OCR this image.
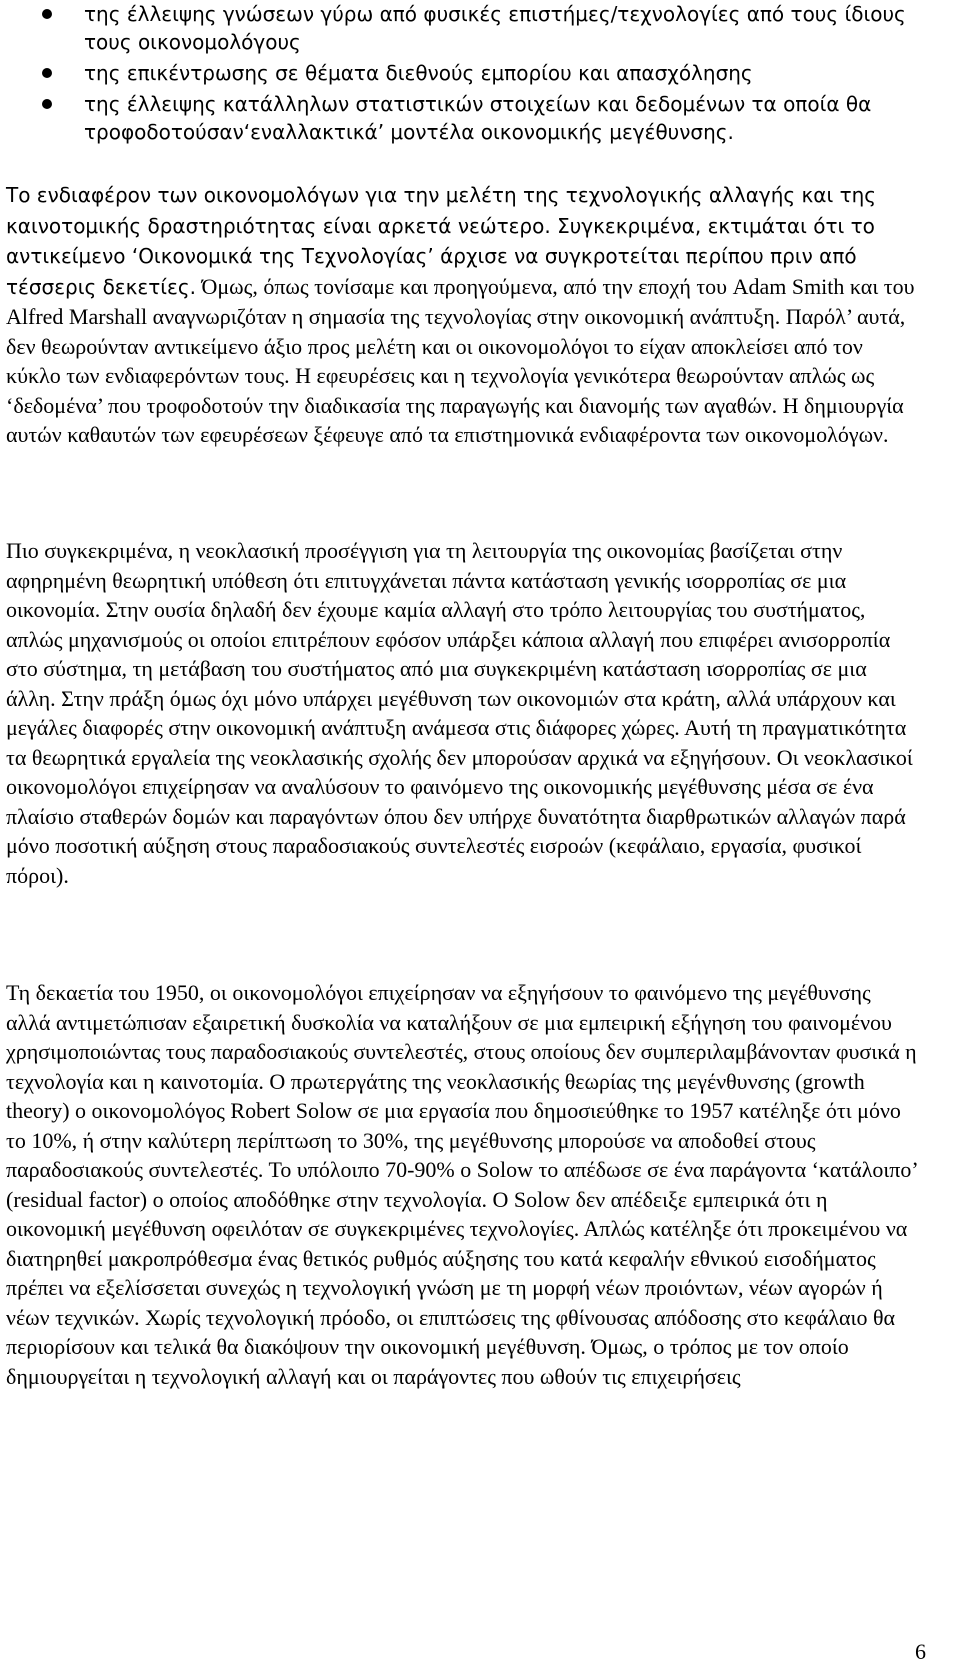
της έλλειψης γνώσεων γύρω από φυσικές επιστήμες/τεχνολογίες από τους ίδιους τους οικονομολόγους
της επικέντρωσης σε θέματα διεθνούς εμπορίου και απασχόλησης
της έλλειψης κατάλληλων στατιστικών στοιχείων και δεδομένων τα οποία θα τροφοδοτούσαν‘εναλλακτικά’ μοντέλα οικονομικής μεγέθυνσης.

Το ενδιαφέρον των οικονομολόγων για την μελέτη της τεχνολογικής αλλαγής και της καινοτομικής δραστηριότητας είναι αρκετά νεώτερο. Συγκεκριμένα, εκτιμάται ότι το αντικείμενο ‘Οικονομικά της Τεχνολογίας’ άρχισε να συγκροτείται περίπου πριν από τέσσερις δεκετίες. Όμως, όπως τονίσαμε και προηγούμενα, από την εποχή του Adam Smith και του Alfred Marshall αναγνωριζόταν η σημασία της τεχνολογίας στην οικονομική ανάπτυξη. Παρόλ’ αυτά, δεν θεωρούνταν αντικείμενο άξιο προς μελέτη και οι οικονομολόγοι το είχαν αποκλείσει από τον κύκλο των ενδιαφερόντων τους. Η εφευρέσεις και η τεχνολογία γενικότερα θεωρούνταν απλώς ως ‘δεδομένα’ που τροφοδοτούν την διαδικασία της παραγωγής και διανομής των αγαθών. Η δημιουργία αυτών καθαυτών των εφευρέσεων ξέφευγε από τα επιστημονικά ενδιαφέροντα των οικονομολόγων.

Πιο συγκεκριμένα, η νεοκλασική προσέγγιση για τη λειτουργία της οικονομίας βασίζεται στην αφηρημένη θεωρητική υπόθεση ότι επιτυγχάνεται πάντα κατάσταση γενικής ισορροπίας σε μια οικονομία. Στην ουσία δηλαδή δεν έχουμε καμία αλλαγή στο τρόπο λειτουργίας του συστήματος, απλώς μηχανισμούς οι οποίοι επιτρέπουν εφόσον υπάρξει κάποια αλλαγή που επιφέρει ανισορροπία στο σύστημα, τη μετάβαση του συστήματος από μια συγκεκριμένη κατάσταση ισορροπίας σε μια άλλη. Στην πράξη όμως όχι μόνο υπάρχει μεγέθυνση των οικονομιών στα κράτη, αλλά υπάρχουν και μεγάλες διαφορές στην οικονομική ανάπτυξη ανάμεσα στις διάφορες χώρες. Αυτή τη πραγματικότητα τα θεωρητικά εργαλεία της νεοκλασικής σχολής δεν μπορούσαν αρχικά να εξηγήσουν. Οι νεοκλασικοί οικονομολόγοι επιχείρησαν να αναλύσουν το φαινόμενο της οικονομικής μεγέθυνσης μέσα σε ένα πλαίσιο σταθερών δομών και παραγόντων όπου δεν υπήρχε δυνατότητα διαρθρωτικών αλλαγών παρά μόνο ποσοτική αύξηση στους παραδοσιακούς συντελεστές εισροών (κεφάλαιο, εργασία, φυσικοί πόροι).

Τη δεκαετία του 1950, οι οικονομολόγοι επιχείρησαν να εξηγήσουν το φαινόμενο της μεγέθυνσης αλλά αντιμετώπισαν εξαιρετική δυσκολία να καταλήξουν σε μια εμπειρική εξήγηση του φαινομένου χρησιμοποιώντας τους παραδοσιακούς συντελεστές, στους οποίους δεν συμπεριλαμβάνονταν φυσικά η τεχνολογία και η καινοτομία. Ο πρωτεργάτης της νεοκλασικής θεωρίας της μεγένθυνσης (growth theory) ο οικονομολόγος Robert Solow σε μια εργασία που δημοσιεύθηκε το 1957 κατέληξε ότι μόνο το 10%, ή στην καλύτερη περίπτωση το 30%, της μεγέθυνσης μπορούσε να αποδοθεί στους παραδοσιακούς συντελεστές. Το υπόλοιπο 70-90% ο Solow το απέδωσε σε ένα παράγοντα ‘κατάλοιπο’ (residual factor) ο οποίος αποδόθηκε στην τεχνολογία. Ο Solow δεν απέδειξε εμπειρικά ότι η οικονομική μεγέθυνση οφειλόταν σε συγκεκριμένες τεχνολογίες. Απλώς κατέληξε ότι προκειμένου να διατηρηθεί μακροπρόθεσμα ένας θετικός ρυθμός αύξησης του κατά κεφαλήν εθνικού εισοδήματος πρέπει να εξελίσσεται συνεχώς η τεχνολογική γνώση με τη μορφή νέων προιόντων, νέων αγορών ή νέων τεχνικών. Χωρίς τεχνολογική πρόοδο, οι επιπτώσεις της φθίνουσας απόδοσης στο κεφάλαιο θα περιορίσουν και τελικά θα διακόψουν την οικονομική μεγέθυνση. Όμως, ο τρόπος με τον οποίο δημιουργείται η τεχνολογική αλλαγή και οι παράγοντες που ωθούν τις επιχειρήσεις

6
